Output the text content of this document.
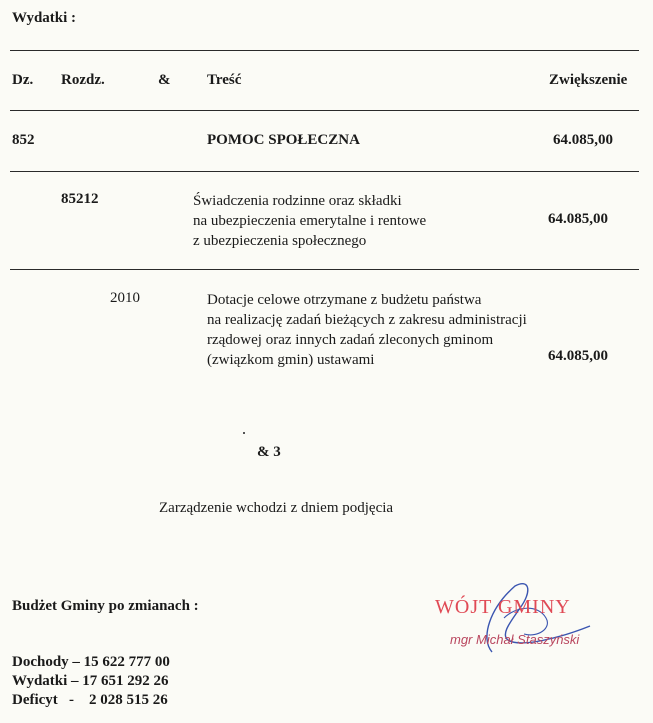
Wydatki :
Dz. Rozdz.	& Treść	Zwiększenie
852	POMOC SPOŁECZNA	64.085,00
85212	Świadczenia rodzinne oraz składki
na ubezpieczenia emerytalne i rentowe
z ubezpieczenia społecznego
64.085,00
2010	Dotacje celowe otrzymane z budżetu państwa
na realizację zadań bieżących z zakresu administracji
rządowej oraz innych zadań zleconych gminom
(związkom gmin) ustawami	64.085,00
& 3
Zarządzenie wchodzi z dniem podjęcia
Budżet Gminy po zmianach :
Dochody – 15 622 777 00
Wydatki – 17 651 292 26
Deficyt   -    2 028 515 26
WÓJT GMINY
mgr Michał Staszyński
